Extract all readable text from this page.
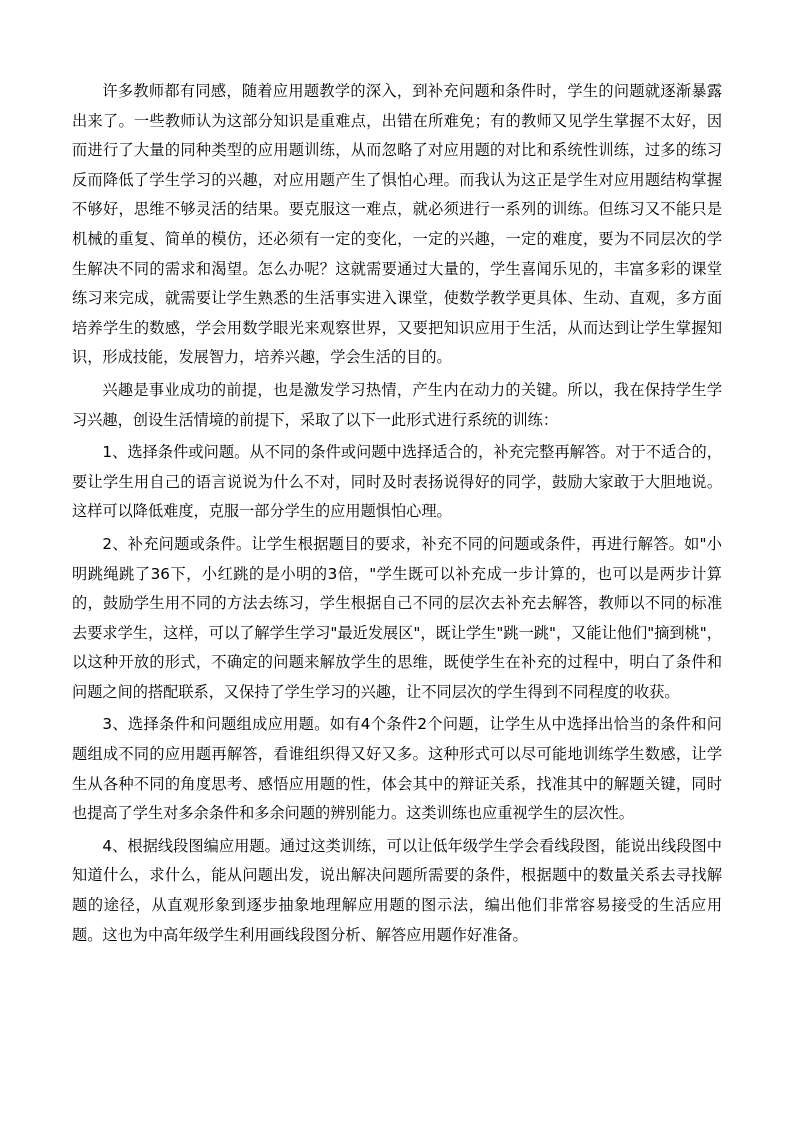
许多教师都有同感，随着应用题教学的深入，到补充问题和条件时，学生的问题就逐渐暴露出来了。一些教师认为这部分知识是重难点，出错在所难免；有的教师又见学生掌握不太好，因而进行了大量的同种类型的应用题训练，从而忽略了对应用题的对比和系统性训练，过多的练习反而降低了学生学习的兴趣，对应用题产生了惧怕心理。而我认为这正是学生对应用题结构掌握不够好，思维不够灵活的结果。要克服这一难点，就必须进行一系列的训练。但练习又不能只是机械的重复、简单的模仿，还必须有一定的变化，一定的兴趣，一定的难度，要为不同层次的学生解决不同的需求和渴望。怎么办呢？这就需要通过大量的，学生喜闻乐见的，丰富多彩的课堂练习来完成，就需要让学生熟悉的生活事实进入课堂，使数学教学更具体、生动、直观，多方面培养学生的数感，学会用数学眼光来观察世界，又要把知识应用于生活，从而达到让学生掌握知识，形成技能，发展智力，培养兴趣，学会生活的目的。

兴趣是事业成功的前提，也是激发学习热情，产生内在动力的关键。所以，我在保持学生学习兴趣，创设生活情境的前提下，采取了以下一此形式进行系统的训练：

1、选择条件或问题。从不同的条件或问题中选择适合的，补充完整再解答。对于不适合的，要让学生用自己的语言说说为什么不对，同时及时表扬说得好的同学，鼓励大家敢于大胆地说。这样可以降低难度，克服一部分学生的应用题惧怕心理。

2、补充问题或条件。让学生根据题目的要求，补充不同的问题或条件，再进行解答。如"小明跳绳跳了36下，小红跳的是小明的3倍，"学生既可以补充成一步计算的，也可以是两步计算的，鼓励学生用不同的方法去练习，学生根据自己不同的层次去补充去解答，教师以不同的标准去要求学生，这样，可以了解学生学习"最近发展区"，既让学生"跳一跳"，又能让他们"摘到桃"，以这种开放的形式，不确定的问题来解放学生的思维，既使学生在补充的过程中，明白了条件和问题之间的搭配联系，又保持了学生学习的兴趣，让不同层次的学生得到不同程度的收获。

3、选择条件和问题组成应用题。如有4个条件2个问题，让学生从中选择出恰当的条件和问题组成不同的应用题再解答，看谁组织得又好又多。这种形式可以尽可能地训练学生数感，让学生从各种不同的角度思考、感悟应用题的性，体会其中的辩证关系，找准其中的解题关键，同时也提高了学生对多余条件和多余问题的辨别能力。这类训练也应重视学生的层次性。

4、根据线段图编应用题。通过这类训练，可以让低年级学生学会看线段图，能说出线段图中知道什么，求什么，能从问题出发，说出解决问题所需要的条件，根据题中的数量关系去寻找解题的途径，从直观形象到逐步抽象地理解应用题的图示法，编出他们非常容易接受的生活应用题。这也为中高年级学生利用画线段图分析、解答应用题作好准备。
